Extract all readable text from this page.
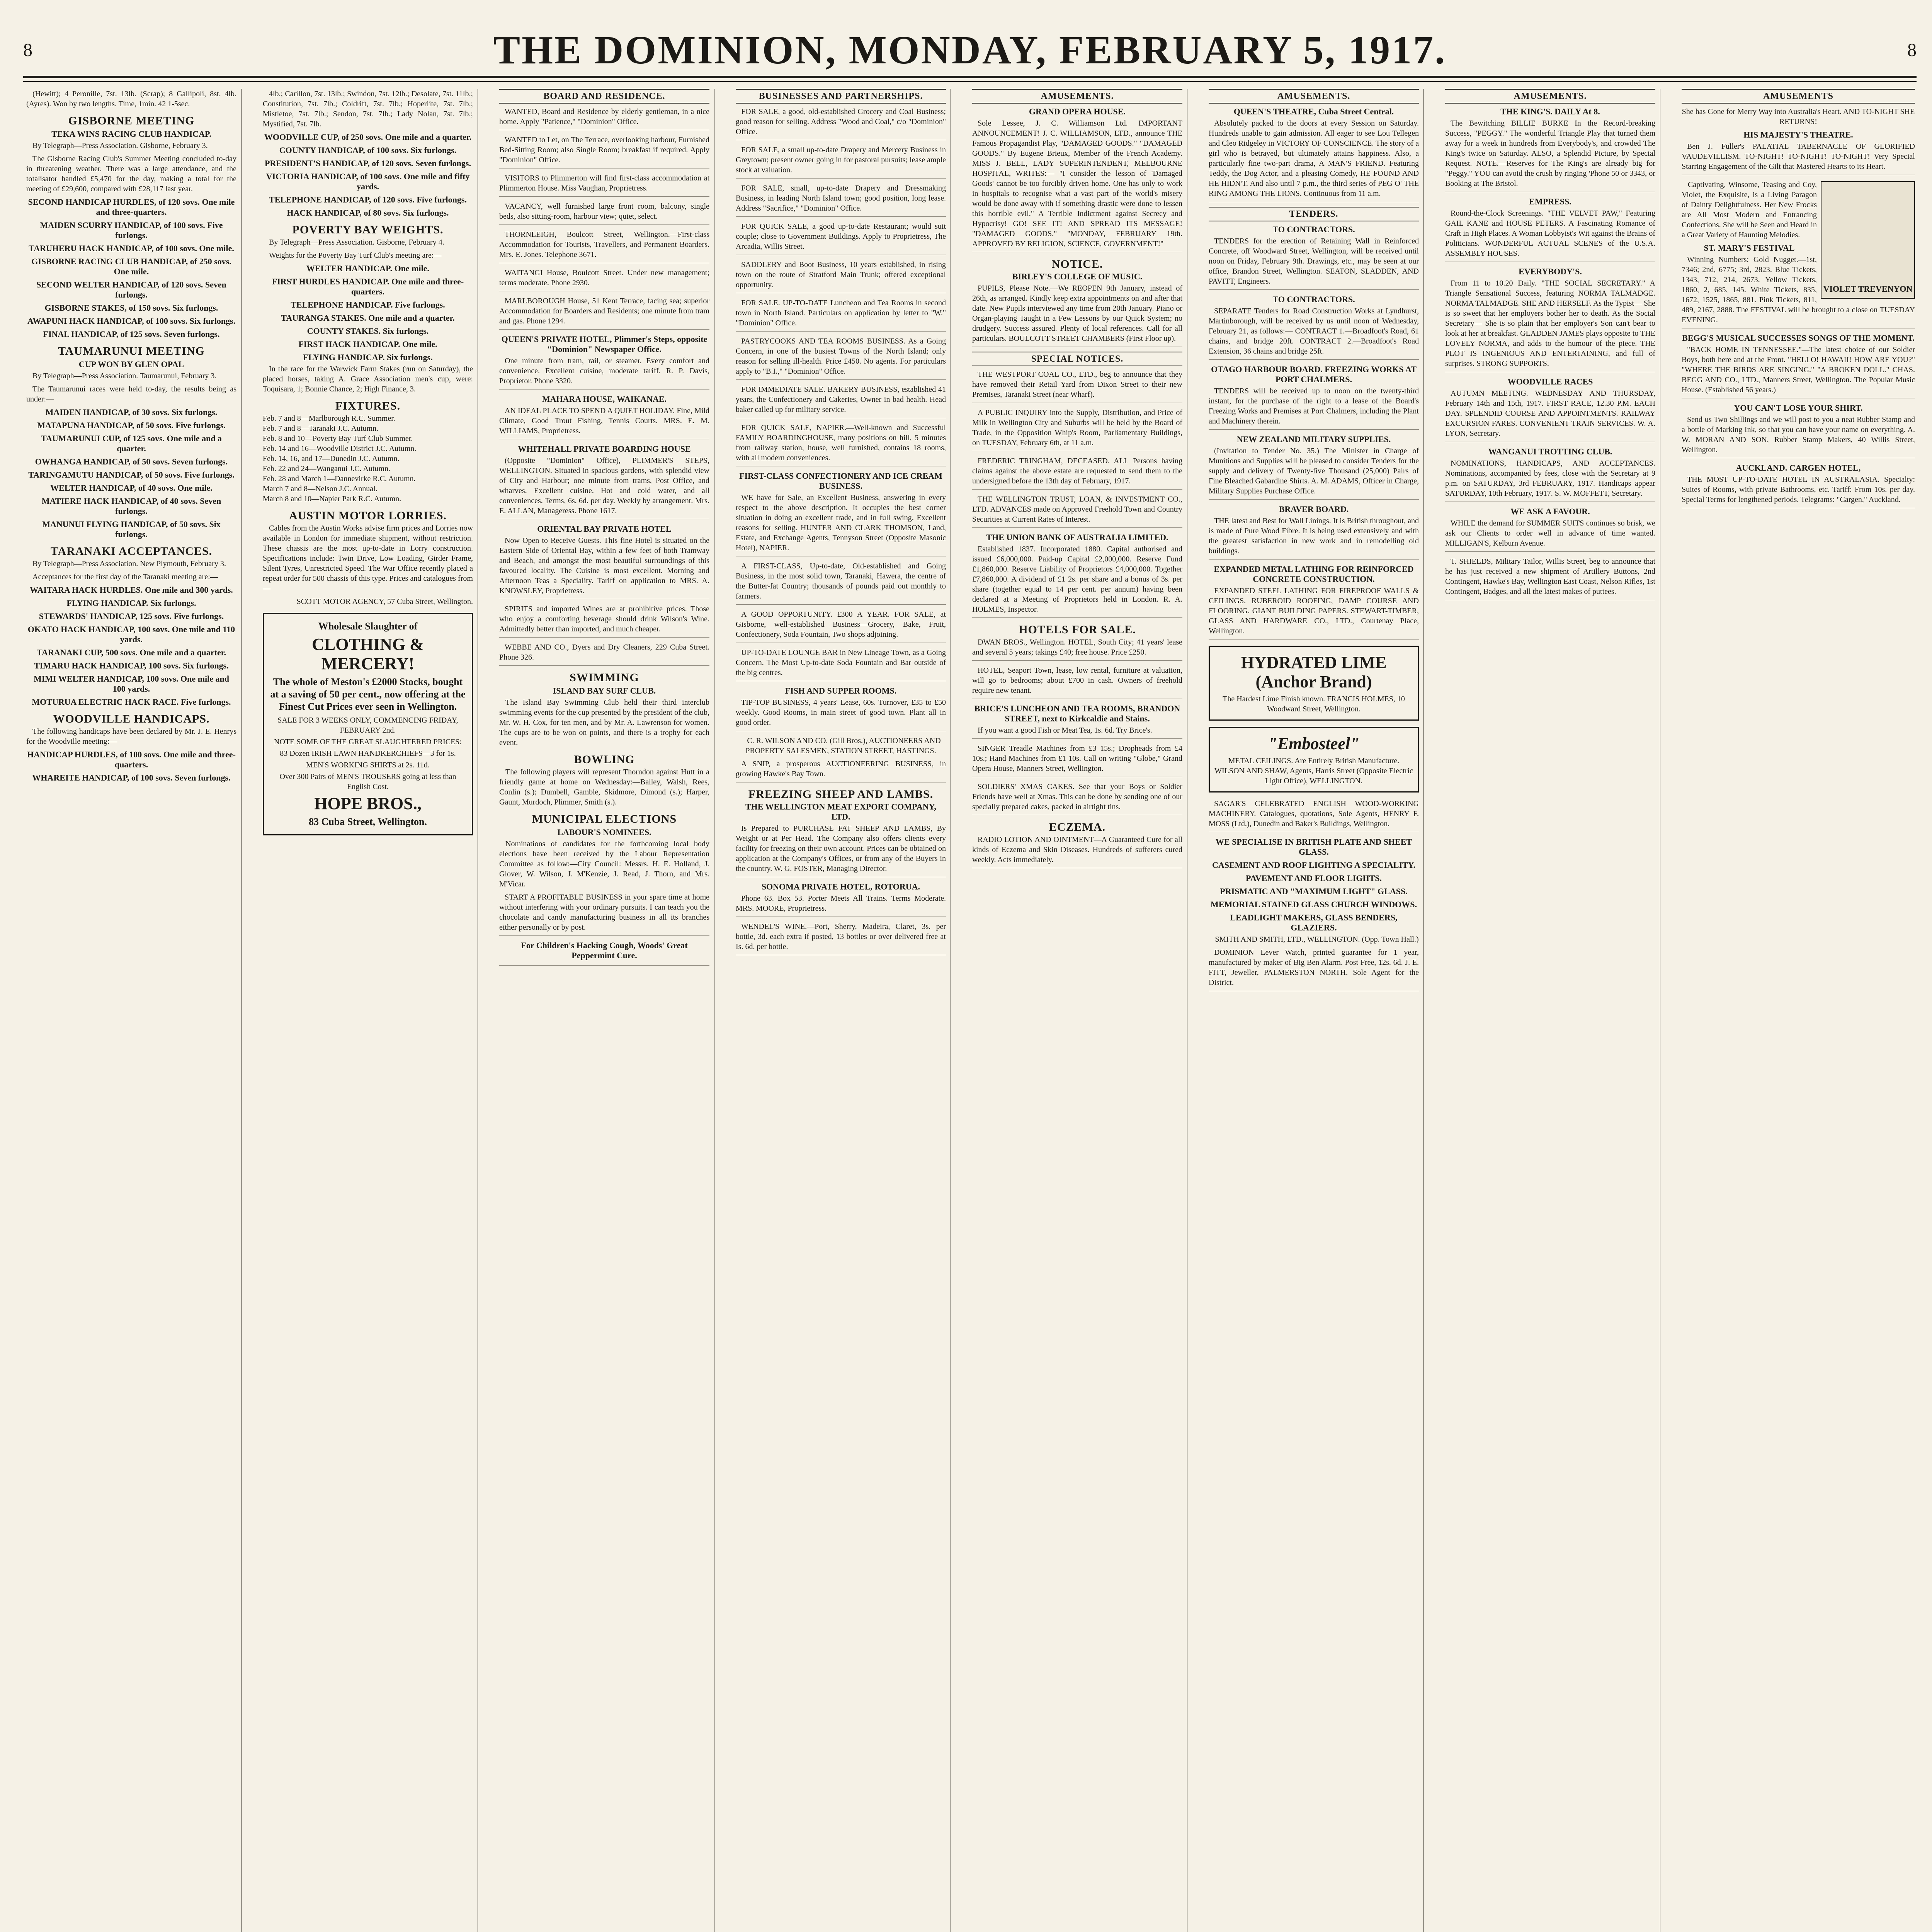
8	THE DOMINION, MONDAY, FEBRUARY 5, 1917.	8

(Hewitt); 4 Peronille, 7st. 13lb. (Scrap); 8 Gallipoli, 8st. 4lb. (Ayres). Won by two lengths. Time, 1min. 42 1-5sec.

GISBORNE MEETING
TEKA WINS RACING CLUB HANDICAP.

By Telegraph—Press Association. Gisborne, February 3.

The Gisborne Racing Club's Summer Meeting concluded to-day in threatening weather. There was a large attendance, and the totalisator handled £5,470 for the day, making a total for the meeting of £29,600, compared with £28,117 last year.

SECOND HANDICAP HURDLES, of 120 sovs. One mile and three-quarters.
MAIDEN SCURRY HANDICAP, of 100 sovs. Five furlongs.
TARUHERU HACK HANDICAP, of 100 sovs. One mile.
GISBORNE RACING CLUB HANDICAP, of 250 sovs. One mile.
SECOND WELTER HANDICAP, of 120 sovs. Seven furlongs.
GISBORNE STAKES, of 150 sovs. Six furlongs.
AWAPUNI HACK HANDICAP, of 100 sovs. Six furlongs.
FINAL HANDICAP, of 125 sovs. Seven furlongs.
TAUMARUNUI MEETING
CUP WON BY GLEN OPAL

By Telegraph—Press Association. Taumarunui, February 3.

The Taumarunui races were held to-day, the results being as under:—

MAIDEN HANDICAP, of 30 sovs. Six furlongs.
MATAPUNA HANDICAP, of 50 sovs. Five furlongs.
TAUMARUNUI CUP, of 125 sovs. One mile and a quarter.
OWHANGA HANDICAP, of 50 sovs. Seven furlongs.
TARINGAMUTU HANDICAP, of 50 sovs. Five furlongs.
WELTER HANDICAP, of 40 sovs. One mile.
MATIERE HACK HANDICAP, of 40 sovs. Seven furlongs.
MANUNUI FLYING HANDICAP, of 50 sovs. Six furlongs.
TARANAKI ACCEPTANCES.

By Telegraph—Press Association. New Plymouth, February 3.

Acceptances for the first day of the Taranaki meeting are:—

WAITARA HACK HURDLES. One mile and 300 yards.
FLYING HANDICAP. Six furlongs.
STEWARDS' HANDICAP, 125 sovs. Five furlongs.
OKATO HACK HANDICAP, 100 sovs. One mile and 110 yards.
TARANAKI CUP, 500 sovs. One mile and a quarter.
TIMARU HACK HANDICAP, 100 sovs. Six furlongs.
MIMI WELTER HANDICAP, 100 sovs. One mile and 100 yards.
MOTURUA ELECTRIC HACK RACE. Five furlongs.
WOODVILLE HANDICAPS.

The following handicaps have been declared by Mr. J. E. Henrys for the Woodville meeting:—

HANDICAP HURDLES, of 100 sovs. One mile and three-quarters.
WHAREITE HANDICAP, of 100 sovs. Seven furlongs.

4lb.; Carillon, 7st. 13lb.; Swindon, 7st. 12lb.; Desolate, 7st. 11lb.; Constitution, 7st. 7lb.; Coldrift, 7st. 7lb.; Hoperiite, 7st. 7lb.; Mistletoe, 7st. 7lb.; Sendon, 7st. 7lb.; Lady Nolan, 7st. 7lb.; Mystified, 7st. 7lb.

WOODVILLE CUP, of 250 sovs. One mile and a quarter.
COUNTY HANDICAP, of 100 sovs. Six furlongs.
PRESIDENT'S HANDICAP, of 120 sovs. Seven furlongs.
VICTORIA HANDICAP, of 100 sovs. One mile and fifty yards.
TELEPHONE HANDICAP, of 120 sovs. Five furlongs.
HACK HANDICAP, of 80 sovs. Six furlongs.
POVERTY BAY WEIGHTS.

By Telegraph—Press Association. Gisborne, February 4.

Weights for the Poverty Bay Turf Club's meeting are:—

WELTER HANDICAP. One mile.
FIRST HURDLES HANDICAP. One mile and three-quarters.
TELEPHONE HANDICAP. Five furlongs.
TAURANGA STAKES. One mile and a quarter.
COUNTY STAKES. Six furlongs.
FIRST HACK HANDICAP. One mile.
FLYING HANDICAP. Six furlongs.

In the race for the Warwick Farm Stakes (run on Saturday), the placed horses, taking A. Grace Association men's cup, were: Toquisara, 1; Bonnie Chance, 2; High Finance, 3.

FIXTURES.
Feb. 7 and 8—Marlborough R.C. Summer.
Feb. 7 and 8—Taranaki J.C. Autumn.
Feb. 8 and 10—Poverty Bay Turf Club Summer.
Feb. 14 and 16—Woodville District J.C. Autumn.
Feb. 14, 16, and 17—Dunedin J.C. Autumn.
Feb. 22 and 24—Wanganui J.C. Autumn.
Feb. 28 and March 1—Dannevirke R.C. Autumn.
March 7 and 8—Nelson J.C. Annual.
March 8 and 10—Napier Park R.C. Autumn.
AUSTIN MOTOR LORRIES.

Cables from the Austin Works advise firm prices and Lorries now available in London for immediate shipment, without restriction. These chassis are the most up-to-date in Lorry construction. Specifications include: Twin Drive, Low Loading, Girder Frame, Silent Tyres, Unrestricted Speed. The War Office recently placed a repeat order for 500 chassis of this type. Prices and catalogues from—

SCOTT MOTOR AGENCY, 57 Cuba Street, Wellington.

Wholesale Slaughter of
CLOTHING & MERCERY!
The whole of Meston's £2000 Stocks, bought at a saving of 50 per cent., now offering at the Finest Cut Prices ever seen in Wellington.
SALE FOR 3 WEEKS ONLY, COMMENCING FRIDAY, FEBRUARY 2nd.
NOTE SOME OF THE GREAT SLAUGHTERED PRICES:
83 Dozen IRISH LAWN HANDKERCHIEFS—3 for 1s.
MEN'S WORKING SHIRTS at 2s. 11d.
Over 300 Pairs of MEN'S TROUSERS going at less than English Cost.
HOPE BROS.,
83 Cuba Street, Wellington.
BOARD AND RESIDENCE.
WANTED, Board and Residence by elderly gentleman, in a nice home. Apply "Patience," "Dominion" Office.
WANTED to Let, on The Terrace, overlooking harbour, Furnished Bed-Sitting Room; also Single Room; breakfast if required. Apply "Dominion" Office.
VISITORS to Plimmerton will find first-class accommodation at Plimmerton House. Miss Vaughan, Proprietress.
VACANCY, well furnished large front room, balcony, single beds, also sitting-room, harbour view; quiet, select.
THORNLEIGH, Boulcott Street, Wellington.—First-class Accommodation for Tourists, Travellers, and Permanent Boarders. Mrs. E. Jones. Telephone 3671.
WAITANGI House, Boulcott Street. Under new management; terms moderate. Phone 2930.
MARLBOROUGH House, 51 Kent Terrace, facing sea; superior Accommodation for Boarders and Residents; one minute from tram and gas. Phone 1294.
QUEEN'S PRIVATE HOTEL, Plimmer's Steps, opposite "Dominion" Newspaper Office.
One minute from tram, rail, or steamer. Every comfort and convenience. Excellent cuisine, moderate tariff. R. P. Davis, Proprietor. Phone 3320.
MAHARA HOUSE, WAIKANAE.
AN IDEAL PLACE TO SPEND A QUIET HOLIDAY. Fine, Mild Climate, Good Trout Fishing, Tennis Courts. MRS. E. M. WILLIAMS, Proprietress.
WHITEHALL PRIVATE BOARDING HOUSE
(Opposite "Dominion" Office), PLIMMER'S STEPS, WELLINGTON. Situated in spacious gardens, with splendid view of City and Harbour; one minute from trams, Post Office, and wharves. Excellent cuisine. Hot and cold water, and all conveniences. Terms, 6s. 6d. per day. Weekly by arrangement. Mrs. E. ALLAN, Manageress. Phone 1617.
ORIENTAL BAY PRIVATE HOTEL
Now Open to Receive Guests. This fine Hotel is situated on the Eastern Side of Oriental Bay, within a few feet of both Tramway and Beach, and amongst the most beautiful surroundings of this favoured locality. The Cuisine is most excellent. Morning and Afternoon Teas a Speciality. Tariff on application to MRS. A. KNOWSLEY, Proprietress.
SPIRITS and imported Wines are at prohibitive prices. Those who enjoy a comforting beverage should drink Wilson's Wine. Admittedly better than imported, and much cheaper.
WEBBE AND CO., Dyers and Dry Cleaners, 229 Cuba Street. Phone 326.
SWIMMING
ISLAND BAY SURF CLUB.

The Island Bay Swimming Club held their third interclub swimming events for the cup presented by the president of the club, Mr. W. H. Cox, for ten men, and by Mr. A. Lawrenson for women. The cups are to be won on points, and there is a trophy for each event.

BOWLING

The following players will represent Thorndon against Hutt in a friendly game at home on Wednesday:—Bailey, Walsh, Rees, Conlin (s.); Dumbell, Gamble, Skidmore, Dimond (s.); Harper, Gaunt, Murdoch, Plimmer, Smith (s.).

MUNICIPAL ELECTIONS
LABOUR'S NOMINEES.

Nominations of candidates for the forthcoming local body elections have been received by the Labour Representation Committee as follow:—City Council: Messrs. H. E. Holland, J. Glover, W. Wilson, J. M'Kenzie, J. Read, J. Thorn, and Mrs. M'Vicar.

START A PROFITABLE BUSINESS in your spare time at home without interfering with your ordinary pursuits. I can teach you the chocolate and candy manufacturing business in all its branches either personally or by post.
For Children's Hacking Cough, Woods' Great Peppermint Cure.
BUSINESSES AND PARTNERSHIPS.
FOR SALE, a good, old-established Grocery and Coal Business; good reason for selling. Address "Wood and Coal," c/o "Dominion" Office.
FOR SALE, a small up-to-date Drapery and Mercery Business in Greytown; present owner going in for pastoral pursuits; lease ample stock at valuation.
FOR SALE, small, up-to-date Drapery and Dressmaking Business, in leading North Island town; good position, long lease. Address "Sacrifice," "Dominion" Office.
FOR QUICK SALE, a good up-to-date Restaurant; would suit couple; close to Government Buildings. Apply to Proprietress, The Arcadia, Willis Street.
SADDLERY and Boot Business, 10 years established, in rising town on the route of Stratford Main Trunk; offered exceptional opportunity.
FOR SALE. UP-TO-DATE Luncheon and Tea Rooms in second town in North Island. Particulars on application by letter to "W." "Dominion" Office.
PASTRYCOOKS AND TEA ROOMS BUSINESS. As a Going Concern, in one of the busiest Towns of the North Island; only reason for selling ill-health. Price £450. No agents. For particulars apply to "B.I.," "Dominion" Office.
FOR IMMEDIATE SALE. BAKERY BUSINESS, established 41 years, the Confectionery and Cakeries, Owner in bad health. Head baker called up for military service.
FOR QUICK SALE, NAPIER.—Well-known and Successful FAMILY BOARDINGHOUSE, many positions on hill, 5 minutes from railway station, house, well furnished, contains 18 rooms, with all modern conveniences.
FIRST-CLASS CONFECTIONERY AND ICE CREAM BUSINESS.
WE have for Sale, an Excellent Business, answering in every respect to the above description. It occupies the best corner situation in doing an excellent trade, and in full swing. Excellent reasons for selling. HUNTER AND CLARK THOMSON, Land, Estate, and Exchange Agents, Tennyson Street (Opposite Masonic Hotel), NAPIER.
A FIRST-CLASS, Up-to-date, Old-established and Going Business, in the most solid town, Taranaki, Hawera, the centre of the Butter-fat Country; thousands of pounds paid out monthly to farmers.
A GOOD OPPORTUNITY. £300 A YEAR. FOR SALE, at Gisborne, well-established Business—Grocery, Bake, Fruit, Confectionery, Soda Fountain, Two shops adjoining.
UP-TO-DATE LOUNGE BAR in New Lineage Town, as a Going Concern. The Most Up-to-date Soda Fountain and Bar outside of the big centres.
FISH AND SUPPER ROOMS.
TIP-TOP BUSINESS, 4 years' Lease, 60s. Turnover, £35 to £50 weekly. Good Rooms, in main street of good town. Plant all in good order.

C. R. WILSON AND CO. (Gill Bros.), AUCTIONEERS AND PROPERTY SALESMEN, STATION STREET, HASTINGS.

A SNIP, a prosperous AUCTIONEERING BUSINESS, in growing Hawke's Bay Town.
FREEZING SHEEP AND LAMBS.
THE WELLINGTON MEAT EXPORT COMPANY, LTD.
Is Prepared to PURCHASE FAT SHEEP AND LAMBS, By Weight or at Per Head. The Company also offers clients every facility for freezing on their own account. Prices can be obtained on application at the Company's Offices, or from any of the Buyers in the country. W. G. FOSTER, Managing Director.
SONOMA PRIVATE HOTEL, ROTORUA.
Phone 63. Box 53. Porter Meets All Trains. Terms Moderate. MRS. MOORE, Proprietress.
WENDEL'S WINE.—Port, Sherry, Madeira, Claret, 3s. per bottle, 3d. each extra if posted, 13 bottles or over delivered free at Is. 6d. per bottle.
AMUSEMENTS.
GRAND OPERA HOUSE.
Sole Lessee, J. C. Williamson Ltd. IMPORTANT ANNOUNCEMENT! J. C. WILLIAMSON, LTD., announce THE Famous Propagandist Play, "DAMAGED GOODS." "DAMAGED GOODS." By Eugene Brieux, Member of the French Academy. MISS J. BELL, LADY SUPERINTENDENT, MELBOURNE HOSPITAL, WRITES:— "I consider the lesson of 'Damaged Goods' cannot be too forcibly driven home. One has only to work in hospitals to recognise what a vast part of the world's misery would be done away with if something drastic were done to lessen this horrible evil." A Terrible Indictment against Secrecy and Hypocrisy! GO! SEE IT! AND SPREAD ITS MESSAGE! "DAMAGED GOODS." "MONDAY, FEBRUARY 19th. APPROVED BY RELIGION, SCIENCE, GOVERNMENT!"
NOTICE.
BIRLEY'S COLLEGE OF MUSIC.
PUPILS, Please Note.—We REOPEN 9th January, instead of 26th, as arranged. Kindly keep extra appointments on and after that date. New Pupils interviewed any time from 20th January. Piano or Organ-playing Taught in a Few Lessons by our Quick System; no drudgery. Success assured. Plenty of local references. Call for all particulars. BOULCOTT STREET CHAMBERS (First Floor up).
SPECIAL NOTICES.
THE WESTPORT COAL CO., LTD., beg to announce that they have removed their Retail Yard from Dixon Street to their new Premises, Taranaki Street (near Wharf).
A PUBLIC INQUIRY into the Supply, Distribution, and Price of Milk in Wellington City and Suburbs will be held by the Board of Trade, in the Opposition Whip's Room, Parliamentary Buildings, on TUESDAY, February 6th, at 11 a.m.
FREDERIC TRINGHAM, DECEASED. ALL Persons having claims against the above estate are requested to send them to the undersigned before the 13th day of February, 1917.
THE WELLINGTON TRUST, LOAN, & INVESTMENT CO., LTD. ADVANCES made on Approved Freehold Town and Country Securities at Current Rates of Interest.
THE UNION BANK OF AUSTRALIA LIMITED.
Established 1837. Incorporated 1880. Capital authorised and issued £6,000,000. Paid-up Capital £2,000,000. Reserve Fund £1,860,000. Reserve Liability of Proprietors £4,000,000. Together £7,860,000. A dividend of £1 2s. per share and a bonus of 3s. per share (together equal to 14 per cent. per annum) having been declared at a Meeting of Proprietors held in London. R. A. HOLMES, Inspector.
HOTELS FOR SALE.
DWAN BROS., Wellington. HOTEL, South City; 41 years' lease and several 5 years; takings £40; free house. Price £250.
HOTEL, Seaport Town, lease, low rental, furniture at valuation, will go to bedrooms; about £700 in cash. Owners of freehold require new tenant.
BRICE'S LUNCHEON AND TEA ROOMS, BRANDON STREET, next to Kirkcaldie and Stains.
If you want a good Fish or Meat Tea, 1s. 6d. Try Brice's.
SINGER Treadle Machines from £3 15s.; Dropheads from £4 10s.; Hand Machines from £1 10s. Call on writing "Globe," Grand Opera House, Manners Street, Wellington.
SOLDIERS' XMAS CAKES. See that your Boys or Soldier Friends have well at Xmas. This can be done by sending one of our specially prepared cakes, packed in airtight tins.
ECZEMA.
RADIO LOTION AND OINTMENT—A Guaranteed Cure for all kinds of Eczema and Skin Diseases. Hundreds of sufferers cured weekly. Acts immediately.
AMUSEMENTS.
QUEEN'S THEATRE, Cuba Street Central.
Absolutely packed to the doors at every Session on Saturday. Hundreds unable to gain admission. All eager to see Lou Tellegen and Cleo Ridgeley in VICTORY OF CONSCIENCE. The story of a girl who is betrayed, but ultimately attains happiness. Also, a particularly fine two-part drama, A MAN'S FRIEND. Featuring Teddy, the Dog Actor, and a pleasing Comedy, HE FOUND AND HE HIDN'T. And also until 7 p.m., the third series of PEG O' THE RING AMONG THE LIONS. Continuous from 11 a.m.
TENDERS.
TO CONTRACTORS.
TENDERS for the erection of Retaining Wall in Reinforced Concrete, off Woodward Street, Wellington, will be received until noon on Friday, February 9th. Drawings, etc., may be seen at our office, Brandon Street, Wellington. SEATON, SLADDEN, AND PAVITT, Engineers.
TO CONTRACTORS.
SEPARATE Tenders for Road Construction Works at Lyndhurst, Martinborough, will be received by us until noon of Wednesday, February 21, as follows:— CONTRACT 1.—Broadfoot's Road, 61 chains, and bridge 20ft. CONTRACT 2.—Broadfoot's Road Extension, 36 chains and bridge 25ft.
OTAGO HARBOUR BOARD. FREEZING WORKS AT PORT CHALMERS.
TENDERS will be received up to noon on the twenty-third instant, for the purchase of the right to a lease of the Board's Freezing Works and Premises at Port Chalmers, including the Plant and Machinery therein.
NEW ZEALAND MILITARY SUPPLIES.
(Invitation to Tender No. 35.) The Minister in Charge of Munitions and Supplies will be pleased to consider Tenders for the supply and delivery of Twenty-five Thousand (25,000) Pairs of Fine Bleached Gabardine Shirts. A. M. ADAMS, Officer in Charge, Military Supplies Purchase Office.
BRAVER BOARD.
THE latest and Best for Wall Linings. It is British throughout, and is made of Pure Wood Fibre. It is being used extensively and with the greatest satisfaction in new work and in remodelling old buildings.
EXPANDED METAL LATHING FOR REINFORCED CONCRETE CONSTRUCTION.
EXPANDED STEEL LATHING FOR FIREPROOF WALLS & CEILINGS. RUBEROID ROOFING, DAMP COURSE AND FLOORING. GIANT BUILDING PAPERS. STEWART-TIMBER, GLASS AND HARDWARE CO., LTD., Courtenay Place, Wellington.
HYDRATED LIME (Anchor Brand)
The Hardest Lime Finish known. FRANCIS HOLMES, 10 Woodward Street, Wellington.
"Embosteel"
METAL CEILINGS. Are Entirely British Manufacture. WILSON AND SHAW, Agents, Harris Street (Opposite Electric Light Office), WELLINGTON.
SAGAR'S CELEBRATED ENGLISH WOOD-WORKING MACHINERY. Catalogues, quotations, Sole Agents, HENRY F. MOSS (Ltd.), Dunedin and Baker's Buildings, Wellington.
WE SPECIALISE IN BRITISH PLATE AND SHEET GLASS.
CASEMENT AND ROOF LIGHTING A SPECIALITY.
PAVEMENT AND FLOOR LIGHTS.
PRISMATIC AND "MAXIMUM LIGHT" GLASS.
MEMORIAL STAINED GLASS CHURCH WINDOWS.
LEADLIGHT MAKERS, GLASS BENDERS, GLAZIERS.

SMITH AND SMITH, LTD., WELLINGTON. (Opp. Town Hall.)

DOMINION Lever Watch, printed guarantee for 1 year, manufactured by maker of Big Ben Alarm. Post Free, 12s. 6d. J. E. FITT, Jeweller, PALMERSTON NORTH. Sole Agent for the District.
AMUSEMENTS.
THE KING'S. DAILY At 8.
The Bewitching BILLIE BURKE In the Record-breaking Success, "PEGGY." The wonderful Triangle Play that turned them away for a week in hundreds from Everybody's, and crowded The King's twice on Saturday. ALSO, a Splendid Picture, by Special Request. NOTE.—Reserves for The King's are already big for "Peggy." YOU can avoid the crush by ringing 'Phone 50 or 3343, or Booking at The Bristol.
EMPRESS.
Round-the-Clock Screenings. "THE VELVET PAW," Featuring GAIL KANE and HOUSE PETERS. A Fascinating Romance of Craft in High Places. A Woman Lobbyist's Wit against the Brains of Politicians. WONDERFUL ACTUAL SCENES of the U.S.A. ASSEMBLY HOUSES.
EVERYBODY'S.
From 11 to 10.20 Daily. "THE SOCIAL SECRETARY." A Triangle Sensational Success, featuring NORMA TALMADGE. NORMA TALMADGE. SHE AND HERSELF. As the Typist— She is so sweet that her employers bother her to death. As the Social Secretary— She is so plain that her employer's Son can't bear to look at her at breakfast. GLADDEN JAMES plays opposite to THE LOVELY NORMA, and adds to the humour of the piece. THE PLOT IS INGENIOUS AND ENTERTAINING, and full of surprises. STRONG SUPPORTS.
WOODVILLE RACES
AUTUMN MEETING. WEDNESDAY AND THURSDAY, February 14th and 15th, 1917. FIRST RACE, 12.30 P.M. EACH DAY. SPLENDID COURSE AND APPOINTMENTS. RAILWAY EXCURSION FARES. CONVENIENT TRAIN SERVICES. W. A. LYON, Secretary.
WANGANUI TROTTING CLUB.
NOMINATIONS, HANDICAPS, AND ACCEPTANCES. Nominations, accompanied by fees, close with the Secretary at 9 p.m. on SATURDAY, 3rd FEBRUARY, 1917. Handicaps appear SATURDAY, 10th February, 1917. S. W. MOFFETT, Secretary.
WE ASK A FAVOUR.
WHILE the demand for SUMMER SUITS continues so brisk, we ask our Clients to order well in advance of time wanted. MILLIGAN'S, Kelburn Avenue.
T. SHIELDS, Military Tailor, Willis Street, beg to announce that he has just received a new shipment of Artillery Buttons, 2nd Contingent, Hawke's Bay, Wellington East Coast, Nelson Rifles, 1st Contingent, Badges, and all the latest makes of puttees.
AMUSEMENTS

She has Gone for Merry Way into Australia's Heart. AND TO-NIGHT SHE RETURNS!

HIS MAJESTY'S THEATRE.
Ben J. Fuller's PALATIAL TABERNACLE OF GLORIFIED VAUDEVILLISM. TO-NIGHT! TO-NIGHT! TO-NIGHT! Very Special Starring Engagement of the Gilt that Mastered Hearts to its Heart.
VIOLET TREVENYON

Captivating, Winsome, Teasing and Coy, Violet, the Exquisite, is a Living Paragon of Dainty Delightfulness. Her New Frocks are All Most Modern and Entrancing Confections. She will be Seen and Heard in a Great Variety of Haunting Melodies.

ST. MARY'S FESTIVAL
Winning Numbers: Gold Nugget.—1st, 7346; 2nd, 6775; 3rd, 2823. Blue Tickets, 1343, 712, 214, 2673. Yellow Tickets, 1860, 2, 685, 145. White Tickets, 835, 1672, 1525, 1865, 881. Pink Tickets, 811, 489, 2167, 2888. The FESTIVAL will be brought to a close on TUESDAY EVENING.
BEGG'S MUSICAL SUCCESSES SONGS OF THE MOMENT.
"BACK HOME IN TENNESSEE."—The latest choice of our Soldier Boys, both here and at the Front. "HELLO! HAWAII! HOW ARE YOU?" "WHERE THE BIRDS ARE SINGING." "A BROKEN DOLL." CHAS. BEGG AND CO., LTD., Manners Street, Wellington. The Popular Music House. (Established 56 years.)
YOU CAN'T LOSE YOUR SHIRT.
Send us Two Shillings and we will post to you a neat Rubber Stamp and a bottle of Marking Ink, so that you can have your name on everything. A. W. MORAN AND SON, Rubber Stamp Makers, 40 Willis Street, Wellington.
AUCKLAND. CARGEN HOTEL,
THE MOST UP-TO-DATE HOTEL IN AUSTRALASIA. Specialty: Suites of Rooms, with private Bathrooms, etc. Tariff: From 10s. per day. Special Terms for lengthened periods. Telegrams: "Cargen," Auckland.
